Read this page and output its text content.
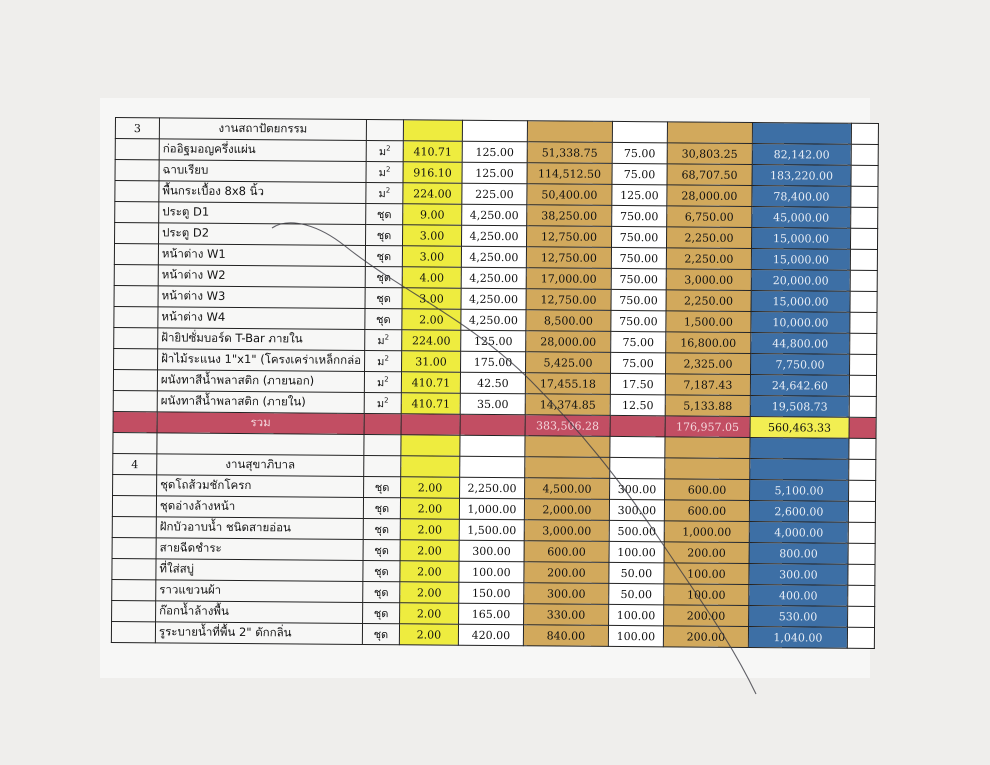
3	งานสถาปัตยกรรม								
	ก่ออิฐมอญครึ่งแผ่น	ม$^2$	410.71	125.00	51,338.75	75.00	30,803.25	82,142.00	
	ฉาบเรียบ	ม$^2$	916.10	125.00	114,512.50	75.00	68,707.50	183,220.00	
	พื้นกระเบื้อง 8x8 นิ้ว	ม$^2$	224.00	225.00	50,400.00	125.00	28,000.00	78,400.00	
	ประตู D1	ชุด	9.00	4,250.00	38,250.00	750.00	6,750.00	45,000.00	
	ประตู D2	ชุด	3.00	4,250.00	12,750.00	750.00	2,250.00	15,000.00	
	หน้าต่าง W1	ชุด	3.00	4,250.00	12,750.00	750.00	2,250.00	15,000.00	
	หน้าต่าง W2	ชุด	4.00	4,250.00	17,000.00	750.00	3,000.00	20,000.00	
	หน้าต่าง W3	ชุด	3.00	4,250.00	12,750.00	750.00	2,250.00	15,000.00	
	หน้าต่าง W4	ชุด	2.00	4,250.00	8,500.00	750.00	1,500.00	10,000.00	
	ฝ้ายิปซั่มบอร์ด T-Bar ภายใน	ม$^2$	224.00	125.00	28,000.00	75.00	16,800.00	44,800.00	
	ฝ้าไม้ระแนง 1"x1" (โครงเคร่าเหล็กกล่อ	ม$^2$	31.00	175.00	5,425.00	75.00	2,325.00	7,750.00	
	ผนังทาสีน้ำพลาสติก (ภายนอก)	ม$^2$	410.71	42.50	17,455.18	17.50	7,187.43	24,642.60	
	ผนังทาสีน้ำพลาสติก (ภายใน)	ม$^2$	410.71	35.00	14,374.85	12.50	5,133.88	19,508.73	
	รวม				383,506.28		176,957.05	560,463.33	

4	งานสุขาภิบาล								
	ชุดโถส้วมชักโครก	ชุด	2.00	2,250.00	4,500.00	300.00	600.00	5,100.00	
	ชุดอ่างล้างหน้า	ชุด	2.00	1,000.00	2,000.00	300.00	600.00	2,600.00	
	ฝักบัวอาบน้ำ ชนิดสายอ่อน	ชุด	2.00	1,500.00	3,000.00	500.00	1,000.00	4,000.00	
	สายฉีดชำระ	ชุด	2.00	300.00	600.00	100.00	200.00	800.00	
	ที่ใส่สบู่	ชุด	2.00	100.00	200.00	50.00	100.00	300.00	
	ราวแขวนผ้า	ชุด	2.00	150.00	300.00	50.00	100.00	400.00	
	ก๊อกน้ำล้างพื้น	ชุด	2.00	165.00	330.00	100.00	200.00	530.00	
	รูระบายน้ำที่พื้น 2" ดักกลิ่น	ชุด	2.00	420.00	840.00	100.00	200.00	1,040.00	
